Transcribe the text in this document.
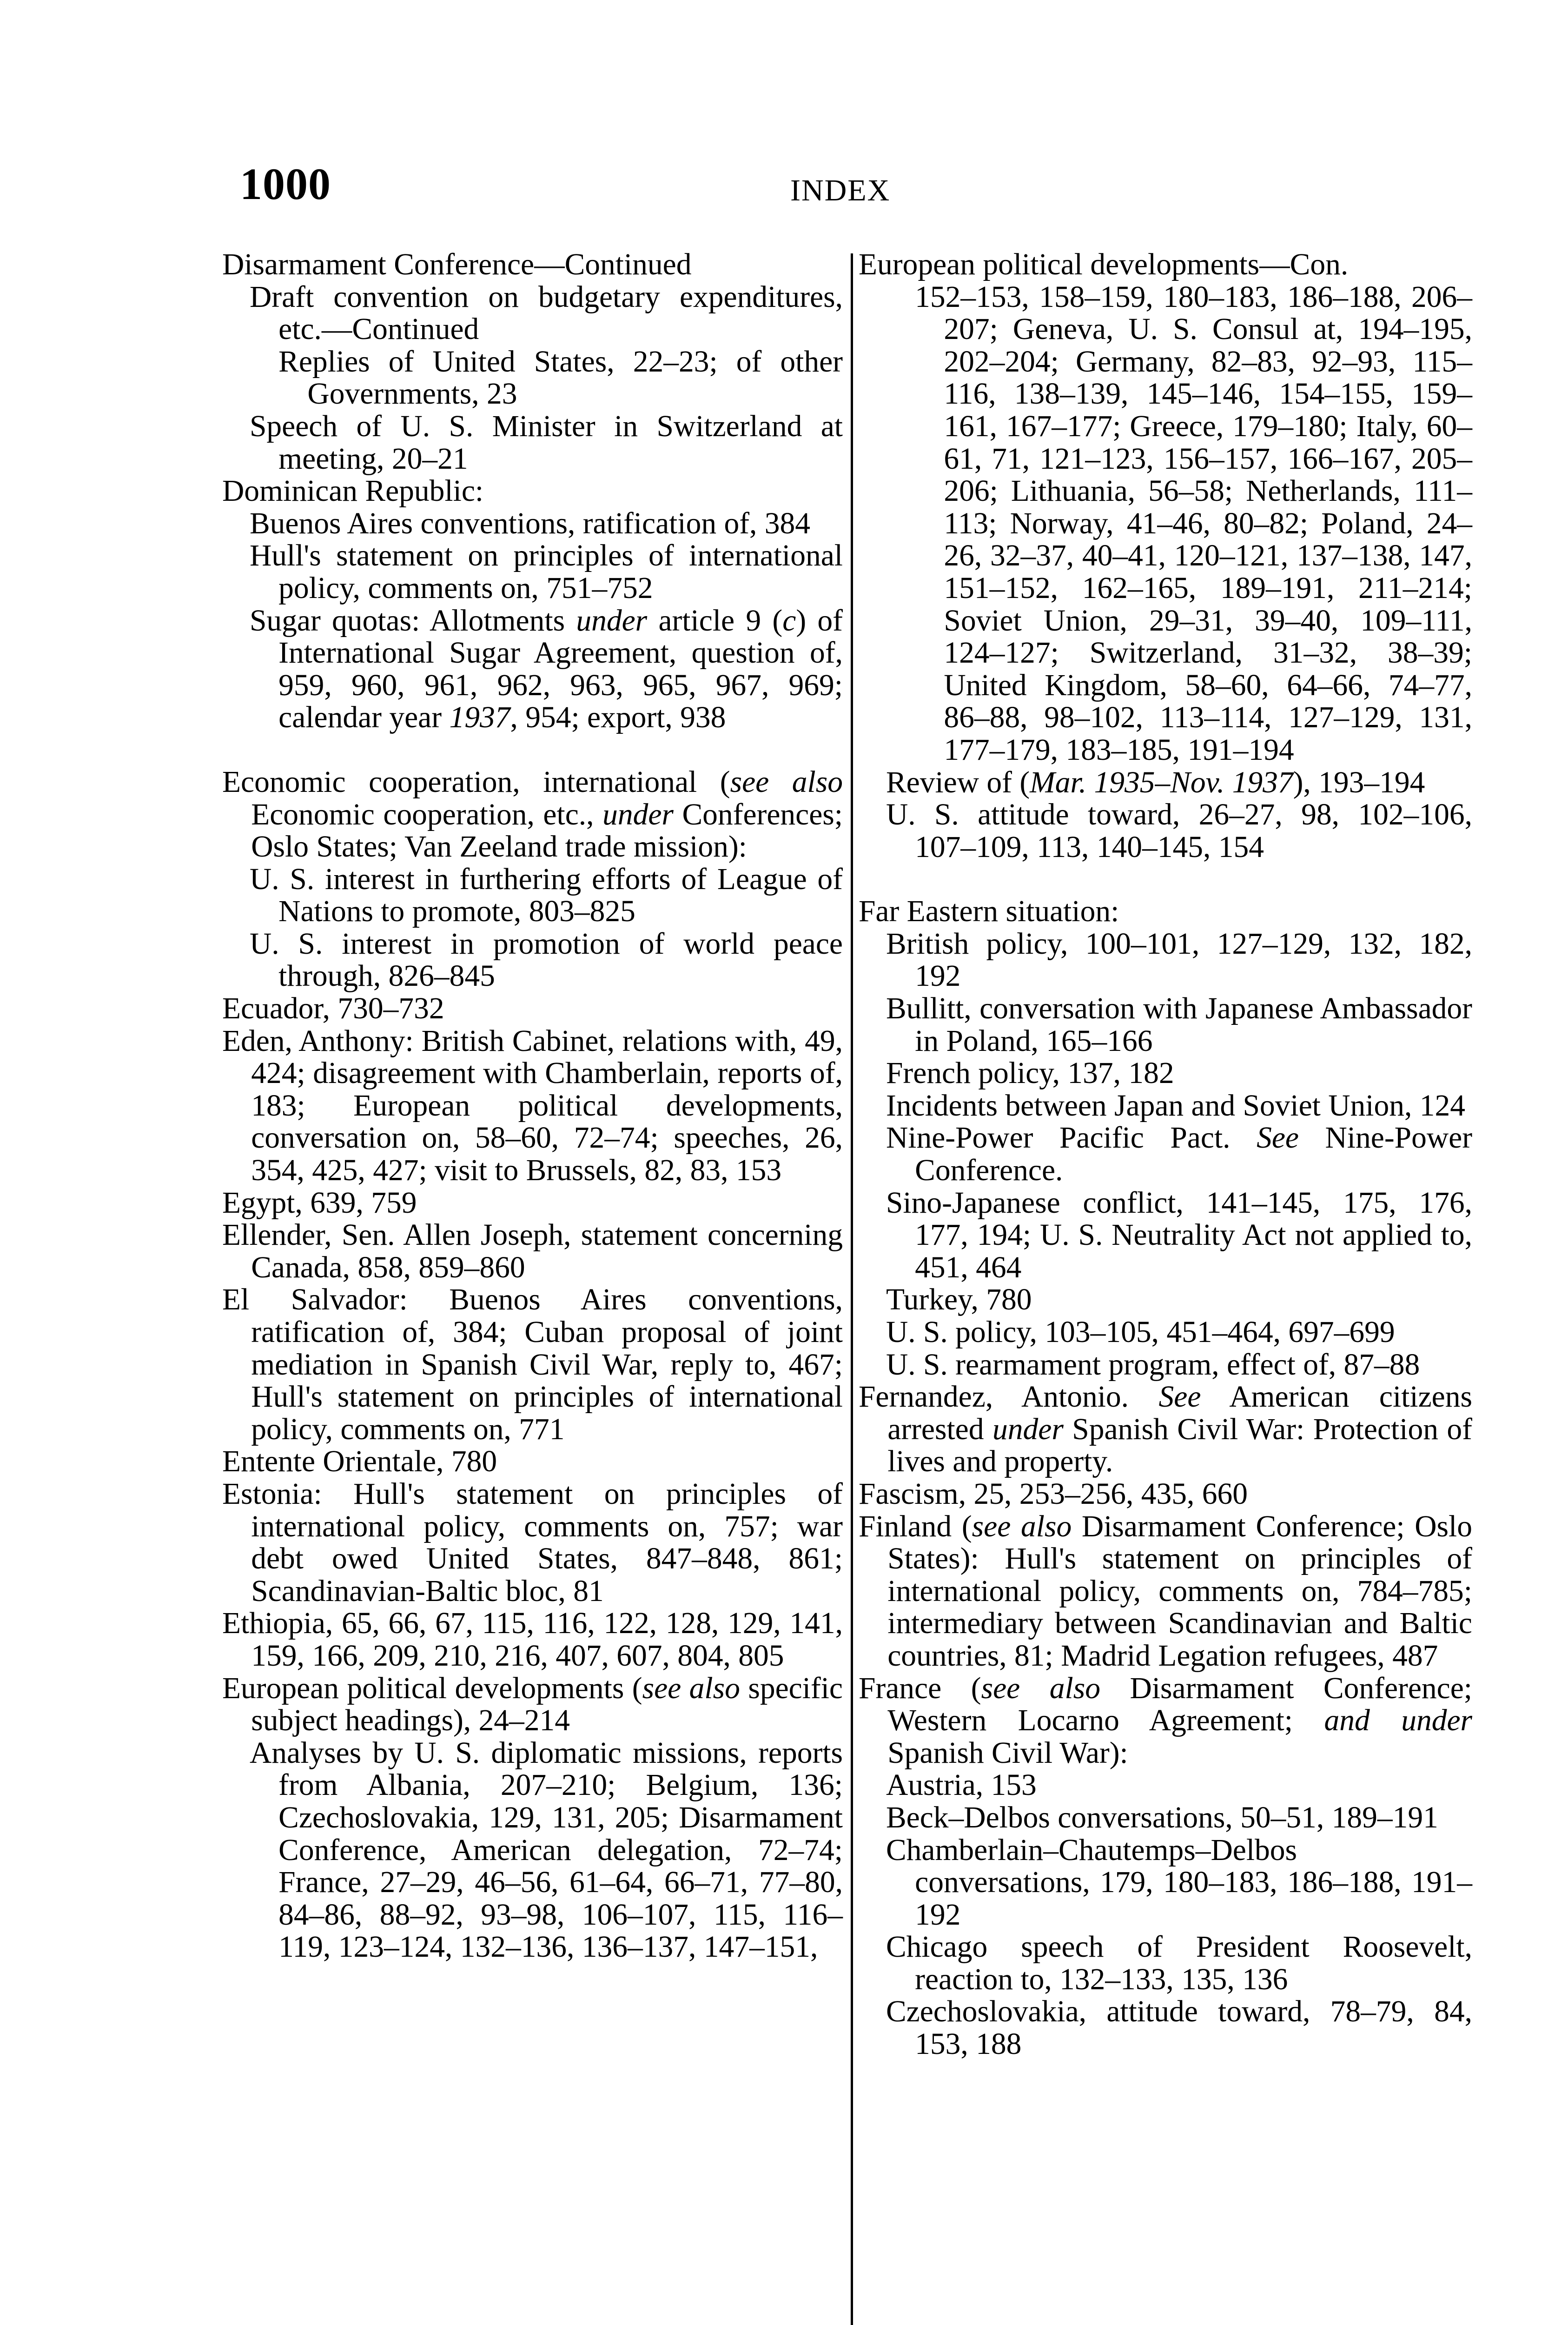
1000	INDEX

Disarmament Conference—Continued

Draft convention on budgetary expenditures, etc.—Continued

Replies of United States, 22–23; of other Governments, 23

Speech of U. S. Minister in Switzerland at meeting, 20–21

Dominican Republic:

Buenos Aires conventions, ratification of, 384

Hull's statement on principles of international policy, comments on, 751–752

Sugar quotas: Allotments under article 9 (c) of International Sugar Agreement, question of, 959, 960, 961, 962, 963, 965, 967, 969; calendar year 1937, 954; export, 938

Economic cooperation, international (see also Economic cooperation, etc., under Conferences; Oslo States; Van Zeeland trade mission):

U. S. interest in furthering efforts of League of Nations to promote, 803–825

U. S. interest in promotion of world peace through, 826–845

Ecuador, 730–732

Eden, Anthony: British Cabinet, relations with, 49, 424; disagreement with Chamberlain, reports of, 183; European political developments, conversation on, 58–60, 72–74; speeches, 26, 354, 425, 427; visit to Brussels, 82, 83, 153

Egypt, 639, 759

Ellender, Sen. Allen Joseph, statement concerning Canada, 858, 859–860

El Salvador: Buenos Aires conventions, ratification of, 384; Cuban proposal of joint mediation in Spanish Civil War, reply to, 467; Hull's statement on principles of international policy, comments on, 771

Entente Orientale, 780

Estonia: Hull's statement on principles of international policy, comments on, 757; war debt owed United States, 847–848, 861; Scandinavian-Baltic bloc, 81

Ethiopia, 65, 66, 67, 115, 116, 122, 128, 129, 141, 159, 166, 209, 210, 216, 407, 607, 804, 805

European political developments (see also specific subject headings), 24–214

Analyses by U. S. diplomatic missions, reports from Albania, 207–210; Belgium, 136; Czechoslovakia, 129, 131, 205; Disarmament Conference, American delegation, 72–74; France, 27–29, 46–56, 61–64, 66–71, 77–80, 84–86, 88–92, 93–98, 106–107, 115, 116–119, 123–124, 132–136, 136–137, 147–151,

European political developments—Con.

152–153, 158–159, 180–183, 186–188, 206–207; Geneva, U. S. Consul at, 194–195, 202–204; Germany, 82–83, 92–93, 115–116, 138–139, 145–146, 154–155, 159–161, 167–177; Greece, 179–180; Italy, 60–61, 71, 121–123, 156–157, 166–167, 205–206; Lithuania, 56–58; Netherlands, 111–113; Norway, 41–46, 80–82; Poland, 24–26, 32–37, 40–41, 120–121, 137–138, 147, 151–152, 162–165, 189–191, 211–214; Soviet Union, 29–31, 39–40, 109–111, 124–127; Switzerland, 31–32, 38–39; United Kingdom, 58–60, 64–66, 74–77, 86–88, 98–102, 113–114, 127–129, 131, 177–179, 183–185, 191–194

Review of (Mar. 1935–Nov. 1937), 193–194

U. S. attitude toward, 26–27, 98, 102–106, 107–109, 113, 140–145, 154

Far Eastern situation:

British policy, 100–101, 127–129, 132, 182, 192

Bullitt, conversation with Japanese Ambassador in Poland, 165–166

French policy, 137, 182

Incidents between Japan and Soviet Union, 124

Nine-Power Pacific Pact. See Nine-Power Conference.

Sino-Japanese conflict, 141–145, 175, 176, 177, 194; U. S. Neutrality Act not applied to, 451, 464

Turkey, 780

U. S. policy, 103–105, 451–464, 697–699

U. S. rearmament program, effect of, 87–88

Fernandez, Antonio. See American citizens arrested under Spanish Civil War: Protection of lives and property.

Fascism, 25, 253–256, 435, 660

Finland (see also Disarmament Conference; Oslo States): Hull's statement on principles of international policy, comments on, 784–785; intermediary between Scandinavian and Baltic countries, 81; Madrid Legation refugees, 487

France (see also Disarmament Conference; Western Locarno Agreement; and under Spanish Civil War):

Austria, 153

Beck–Delbos conversations, 50–51, 189–191

Chamberlain–Chautemps–Delbos conversations, 179, 180–183, 186–188, 191–192

Chicago speech of President Roosevelt, reaction to, 132–133, 135, 136

Czechoslovakia, attitude toward, 78–79, 84, 153, 188
